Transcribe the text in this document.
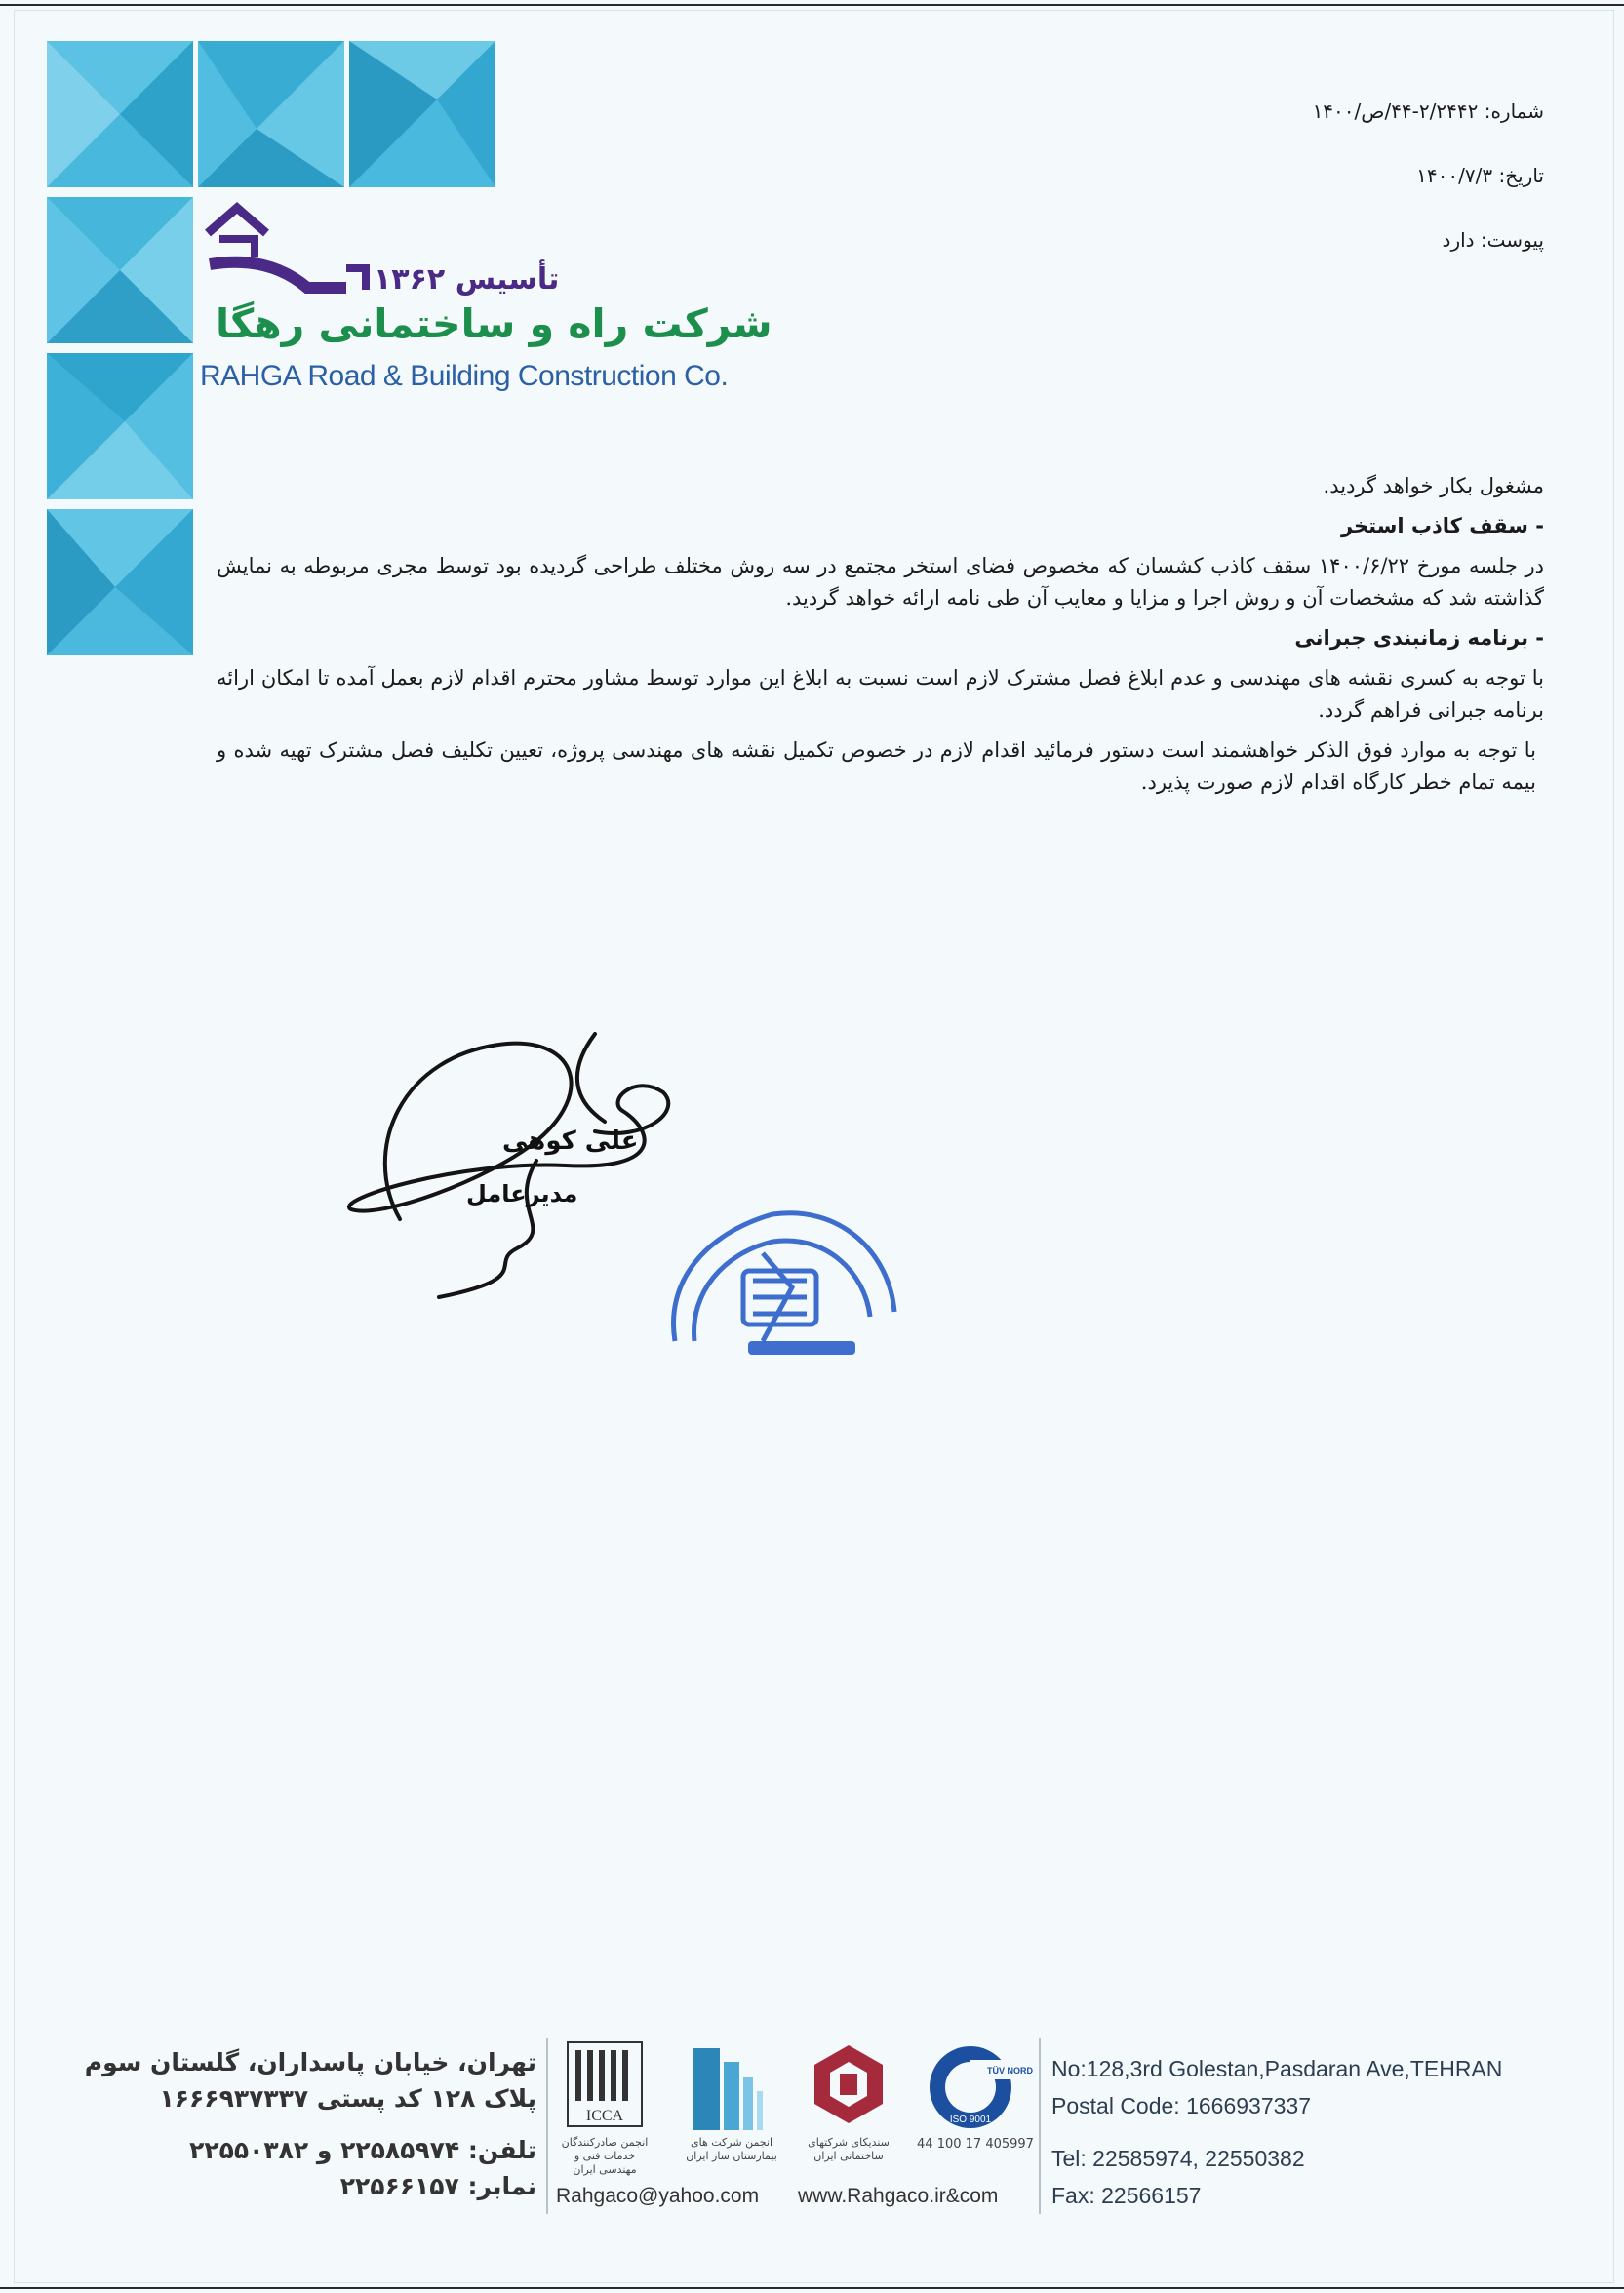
تأسیس ۱۳۶۲
شرکت راه و ساختمانی رهگا
RAHGA Road & Building Construction Co.
شماره: ۲/۲۴۴۲-۴۴/ص/۱۴۰۰
تاریخ: ۱۴۰۰/۷/۳
پیوست: دارد

مشغول بکار خواهد گردید.

- سقف کاذب استخر

در جلسه مورخ ۱۴۰۰/۶/۲۲ سقف کاذب کشسان که مخصوص فضای استخر مجتمع در سه روش مختلف طراحی گردیده بود توسط مجری مربوطه به نمایش گذاشته شد که مشخصات آن و روش اجرا و مزایا و معایب آن طی نامه ارائه خواهد گردید.

- برنامه زمانبندی جبرانی

با توجه به کسری نقشه های مهندسی و عدم ابلاغ فصل مشترک لازم است نسبت به ابلاغ این موارد توسط مشاور محترم اقدام لازم بعمل آمده تا امکان ارائه برنامه جبرانی فراهم گردد.

با توجه به موارد فوق الذکر خواهشمند است دستور فرمائید اقدام لازم در خصوص تکمیل نقشه های مهندسی پروژه، تعیین تکلیف فصل مشترک تهیه شده و بیمه تمام خطر کارگاه اقدام لازم صورت پذیرد.

علی کوهی
مدیرعامل
تهران، خیابان پاسداران، گلستان سوم
پلاک ۱۲۸ کد پستی ۱۶۶۶۹۳۷۳۳۷
تلفن: ۲۲۵۸۵۹۷۴ و ۲۲۵۵۰۳۸۲
نمابر: ۲۲۵۶۶۱۵۷
ICCA
انجمن صادرکنندگان خدمات فنی و مهندسی ایران
انجمن شرکت های بیمارستان ساز ایران
سندیکای شرکتهای ساختمانی ایران
TÜV NORD
ISO 9001
44 100 17 405997
Rahgaco@yahoo.com www.Rahgaco.ir&com
No:128,3rd Golestan,Pasdaran Ave,TEHRAN
Postal Code: 1666937337
Tel: 22585974, 22550382
Fax: 22566157
